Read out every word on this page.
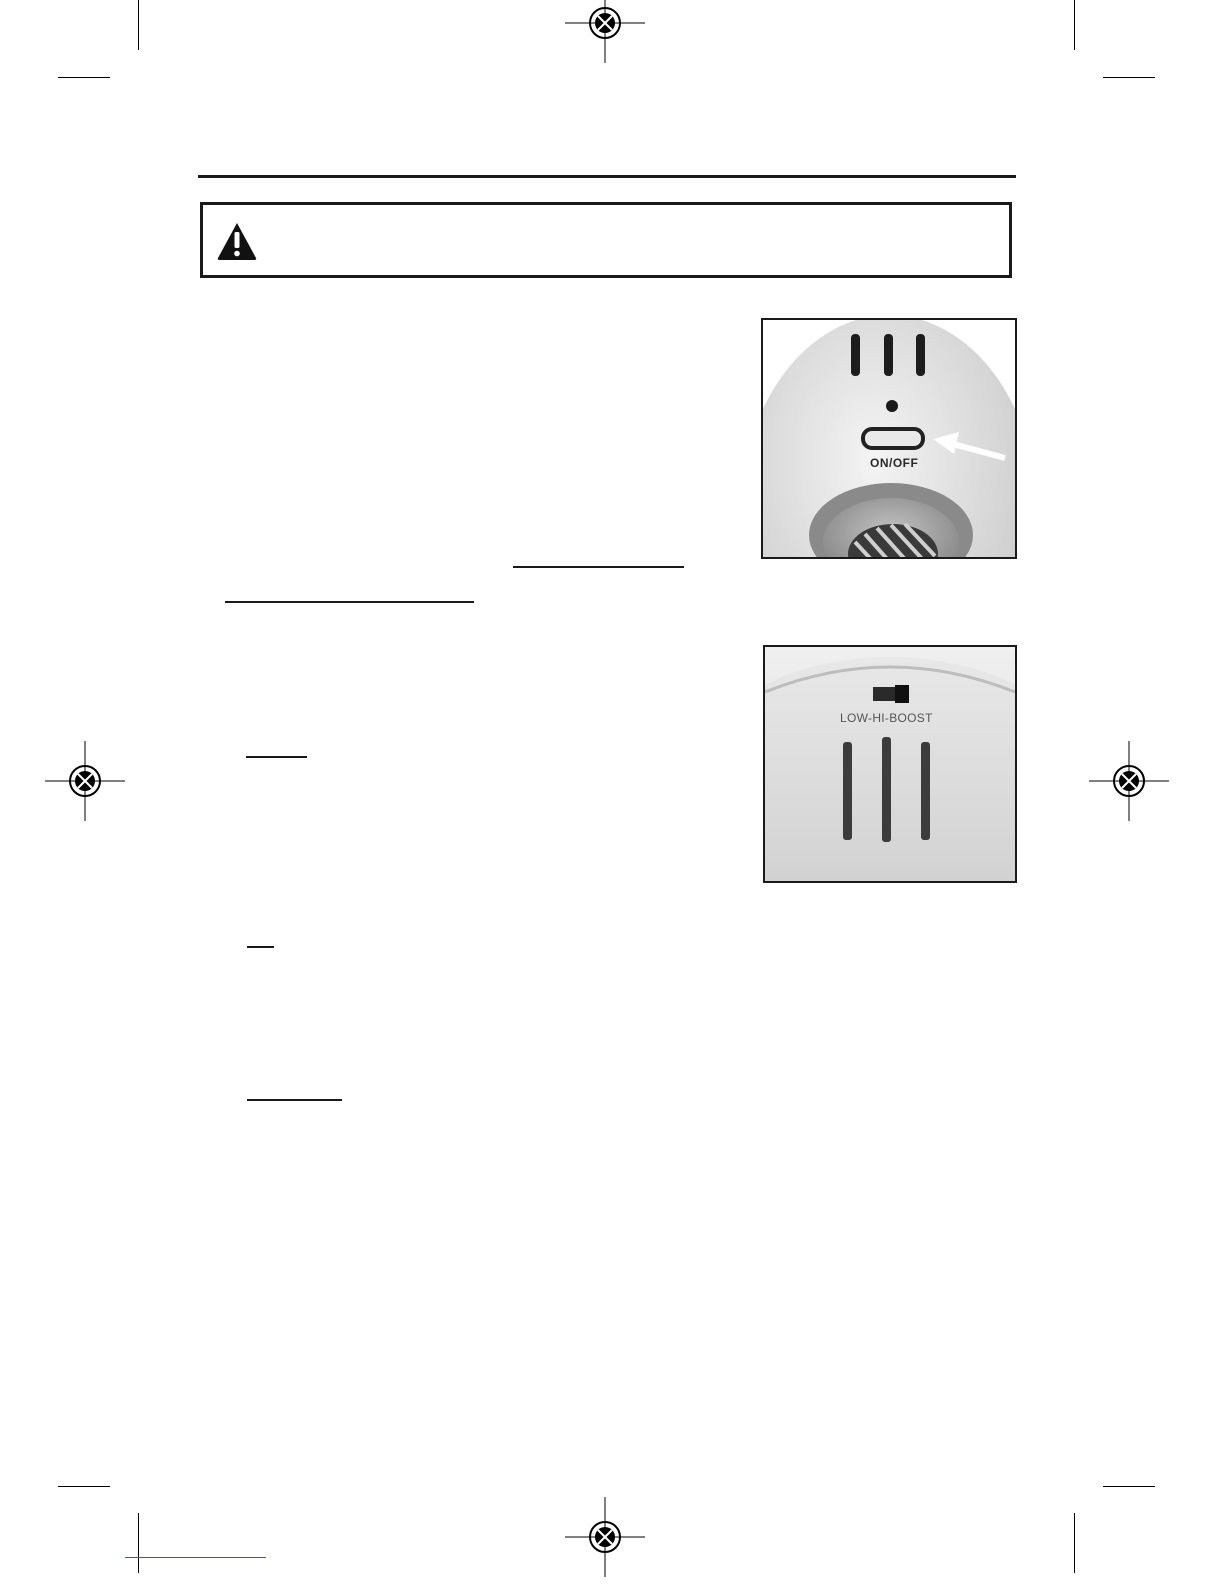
ON/OFF
LOW-HI-BOOST
